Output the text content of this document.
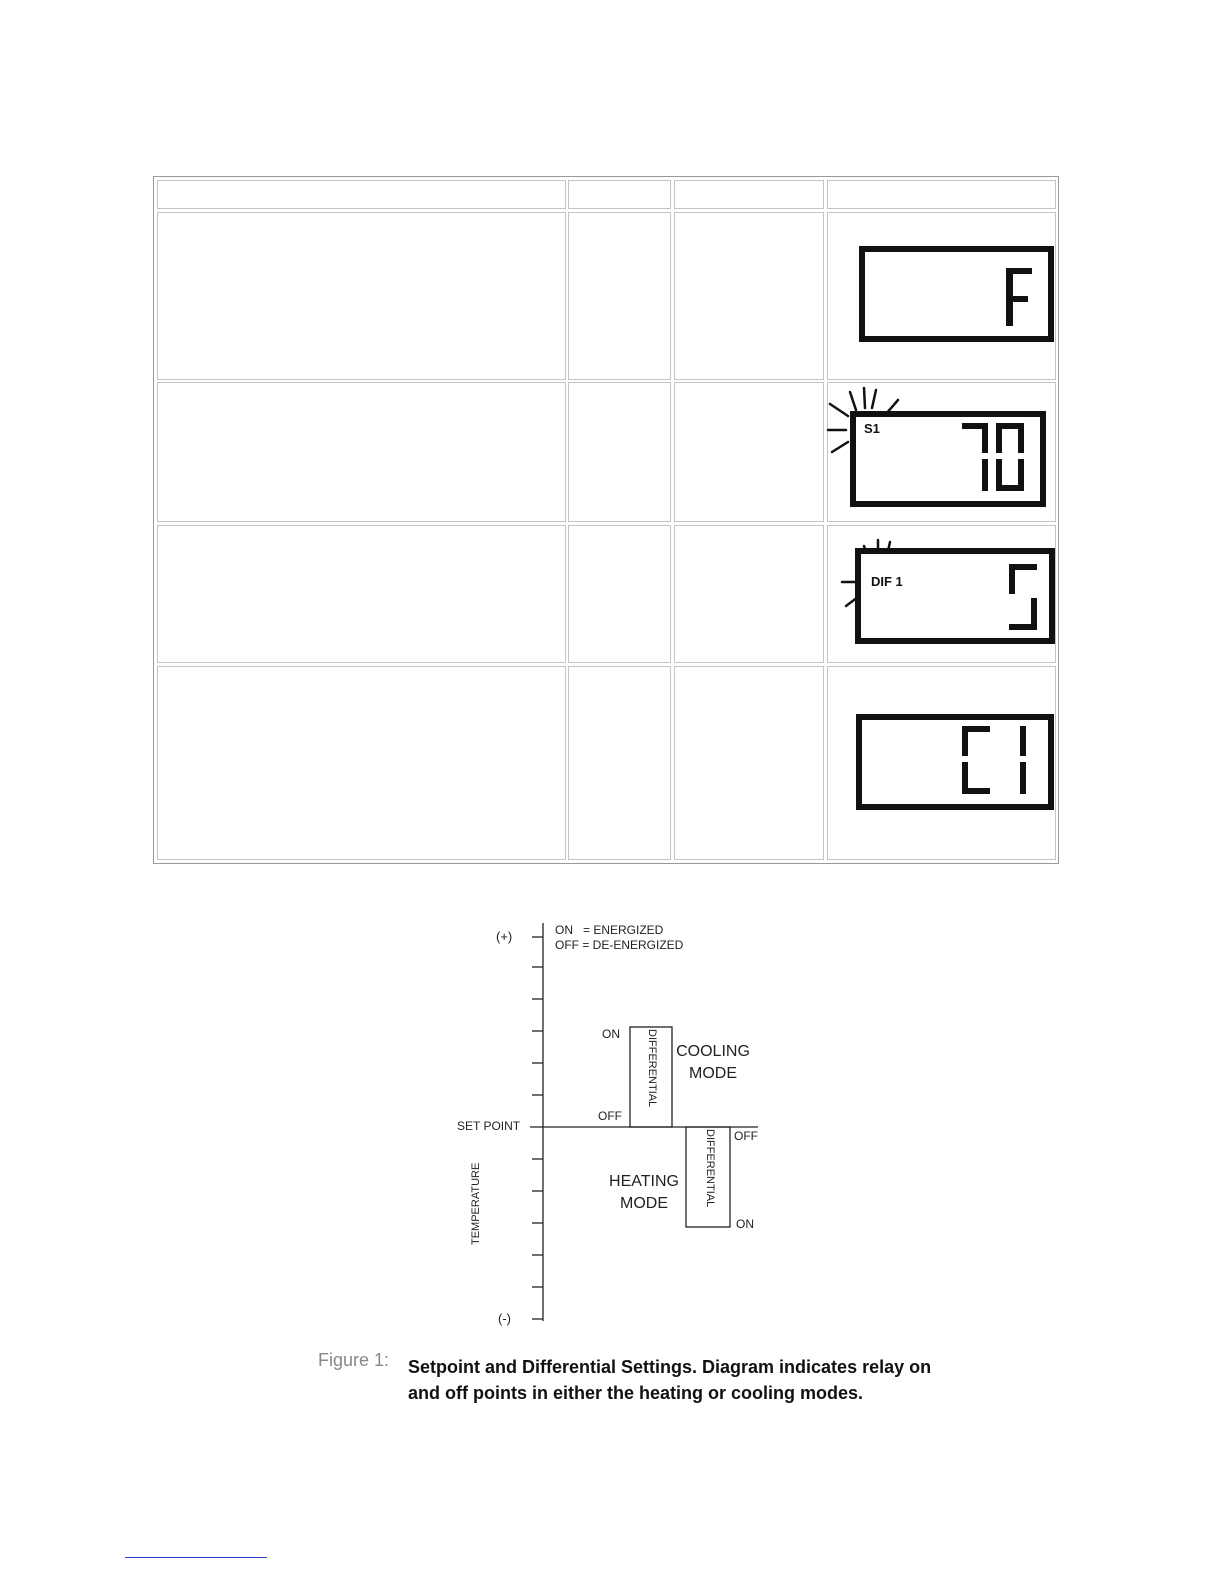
S1
DIF 1
(+)
(-)
TEMPERATURE
SET POINT
ON   = ENERGIZED
OFF = DE-ENERGIZED
ON
OFF
DIFFERENTIAL COOLING
MODE
OFF
ON
DIFFERENTIAL
HEATING
MODE
Figure 1: Setpoint and Differential Settings. Diagram indicates relay on and off points in either the heating or cooling modes.
